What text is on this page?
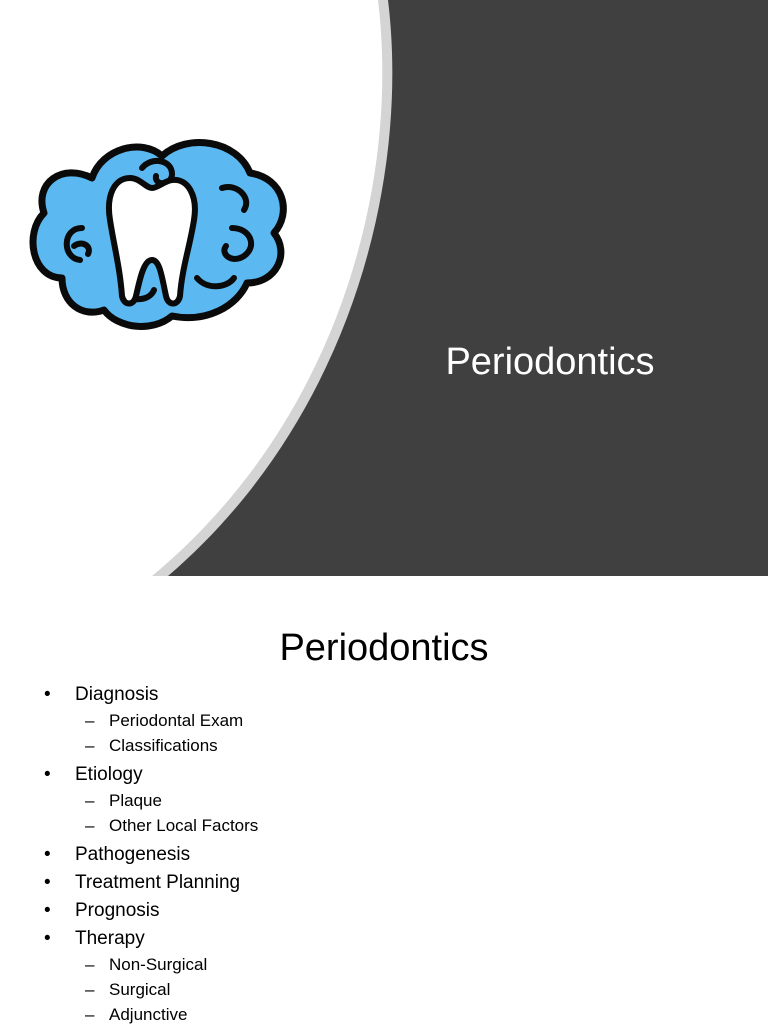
Periodontics
Periodontics
• Diagnosis
– Periodontal Exam
– Classifications
• Etiology
– Plaque
– Other Local Factors
• Pathogenesis
• Treatment Planning
• Prognosis
• Therapy
– Non-Surgical
– Surgical
– Adjunctive
